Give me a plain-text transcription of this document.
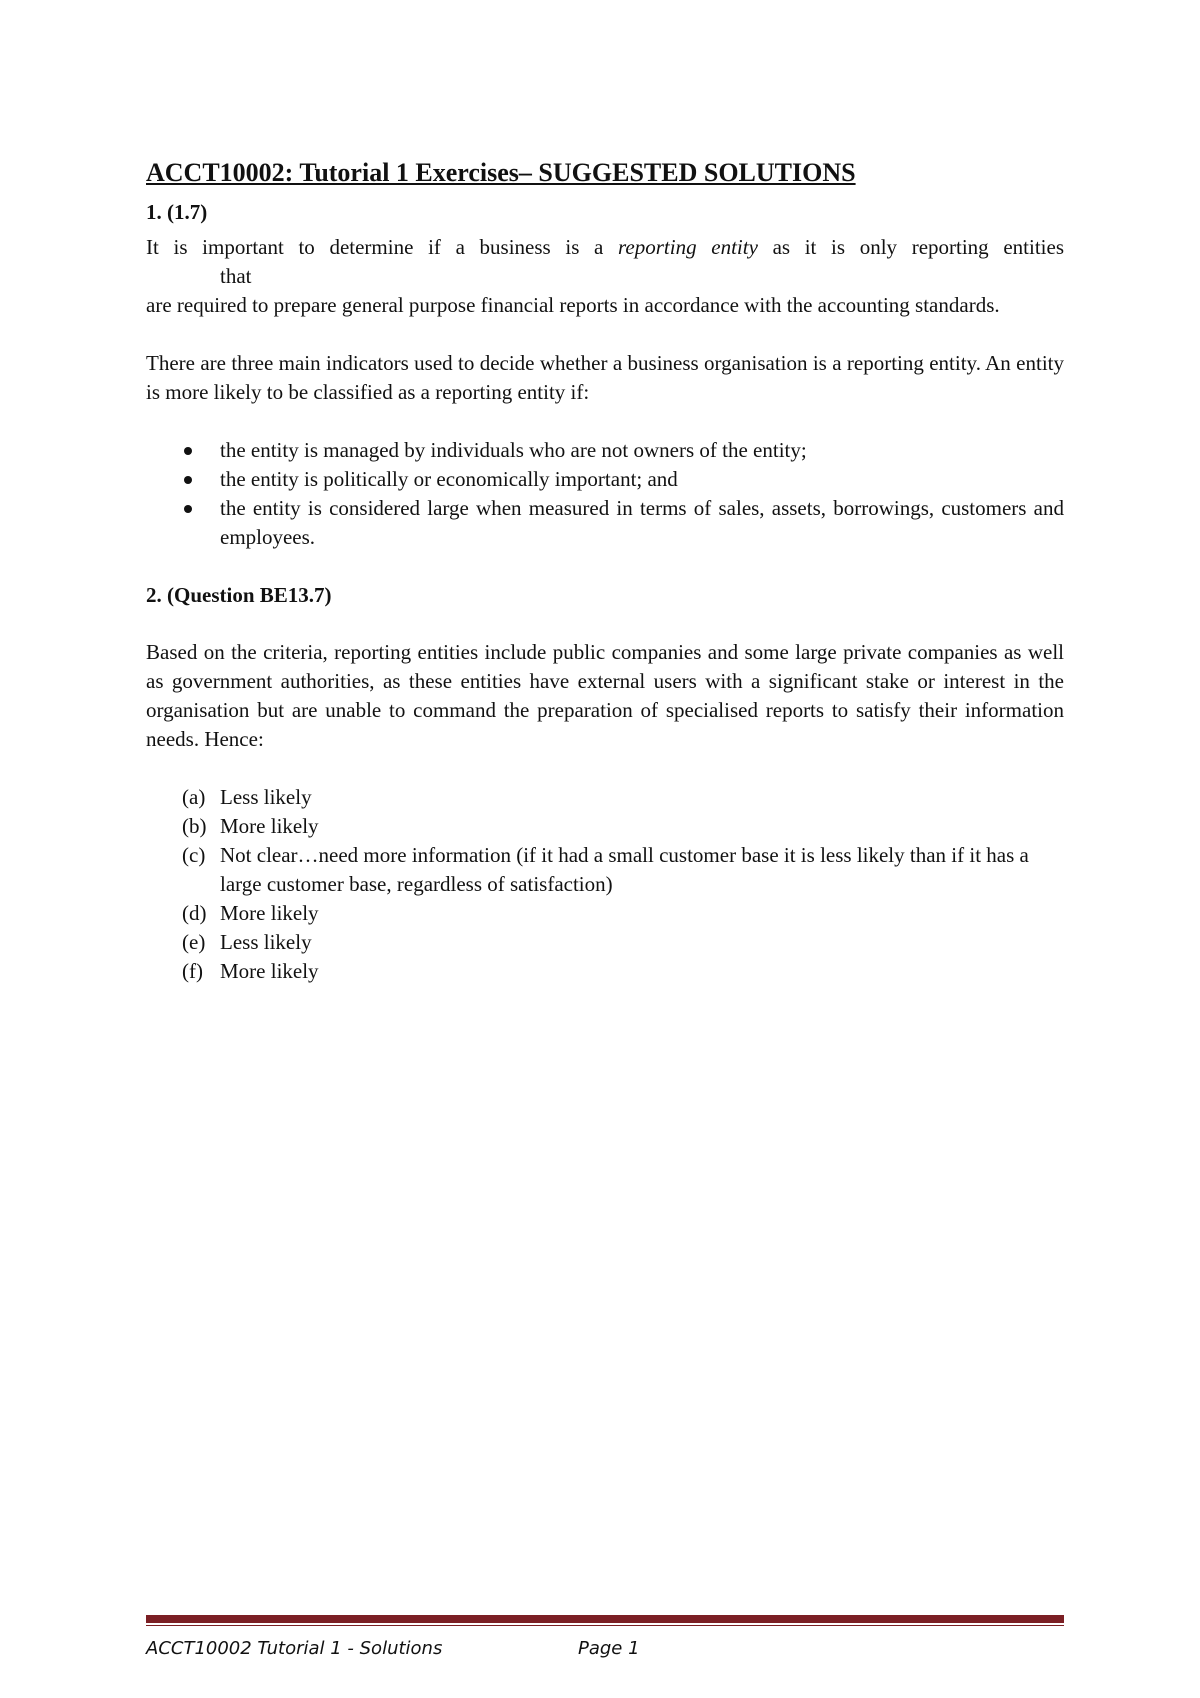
ACCT10002: Tutorial 1 Exercises– SUGGESTED SOLUTIONS
1. (1.7)
It is important to determine if a business is a reporting entity as it is only reporting entities
that
are required to prepare general purpose financial reports in accordance with the accounting standards.
There are three main indicators used to decide whether a business organisation is a reporting entity. An entity is more likely to be classified as a reporting entity if:
the entity is managed by individuals who are not owners of the entity;
the entity is politically or economically important; and
the entity is considered large when measured in terms of sales, assets, borrowings, customers and employees.
2. (Question BE13.7)
Based on the criteria, reporting entities include public companies and some large private companies as well as government authorities, as these entities have external users with a significant stake or interest in the organisation but are unable to command the preparation of specialised reports to satisfy their information needs. Hence:
(a) Less likely
(b) More likely
(c) Not clear…need more information (if it had a small customer base it is less likely than if it has a large customer base, regardless of satisfaction)
(d) More likely
(e) Less likely
(f) More likely
ACCT10002 Tutorial 1 - Solutions	Page 1
